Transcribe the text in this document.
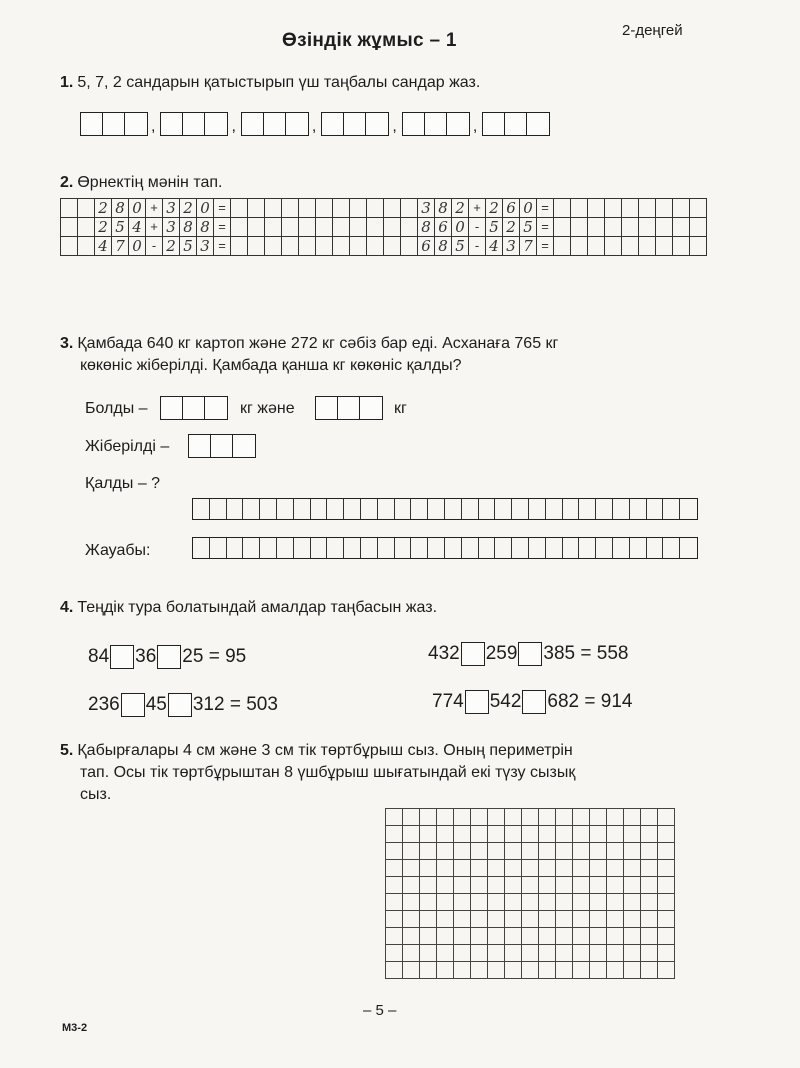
Өзіндік жұмыс – 1	2-деңгей
1. 5, 7, 2 сандарын қатыстырып үш таңбалы сандар жаз.
,	,	,	,	,
2. Өрнектің мәнін тап.
		2	8	0	+	3	2	0	=												3	8	2	+	2	6	0	=									
		2	5	4	+	3	8	8	=												8	6	0	-	5	2	5	=									
		4	7	0	-	2	5	3	=												6	8	5	-	4	3	7	=									
3. Қамбада 640 кг картоп және 272 кг сәбіз бар еді. Асханаға 765 кг
көкөніс жіберілді. Қамбада қанша кг көкөніс қалды?
Болды –	кг және	кг
Жіберілді –
Қалды – ?
Жауабы:
4. Теңдік тура болатындай амалдар таңбасын жаз.
84 36 25 = 95	432 259 385 = 558
236 45 312 = 503	774 542 682 = 914
5. Қабырғалары 4 см және 3 см тік төртбұрыш сыз. Оның периметрін
тап. Осы тік төртбұрыштан 8 үшбұрыш шығатындай екі түзу сызық
сыз.

– 5 –
М3-2
